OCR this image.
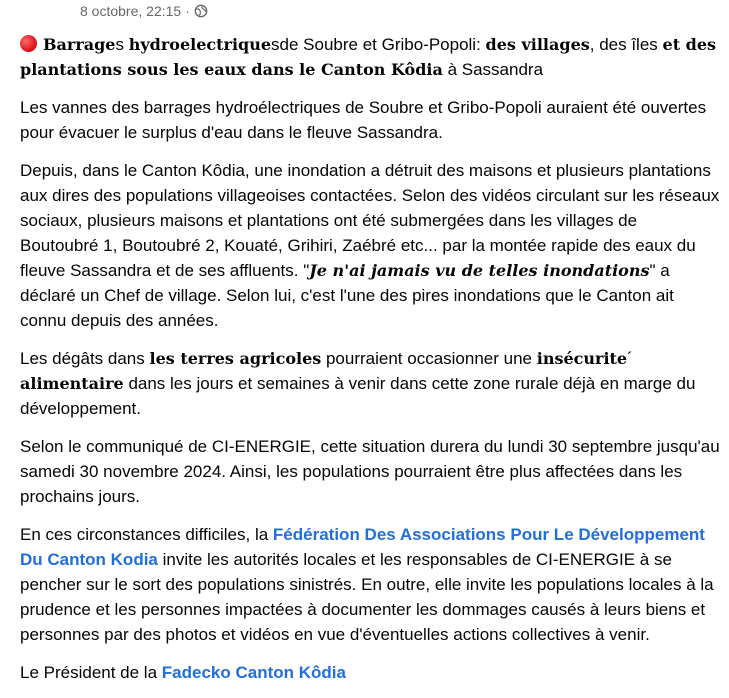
8 octobre, 22:15 ·

Barrages hydroelectriquesde Soubre et Gribo-Popoli: des villages, des îles et des plantations sous les eaux dans le Canton Kôdia à Sassandra

Les vannes des barrages hydroélectriques de Soubre et Gribo-Popoli auraient été ouvertes pour évacuer le surplus d'eau dans le fleuve Sassandra.

Depuis, dans le Canton Kôdia, une inondation a détruit des maisons et plusieurs plantations aux dires des populations villageoises contactées. Selon des vidéos circulant sur les réseaux sociaux, plusieurs maisons et plantations ont été submergées dans les villages de Boutoubré 1, Boutoubré 2, Kouaté, Grihiri, Zaébré etc... par la montée rapide des eaux du fleuve Sassandra et de ses affluents. "Je n'ai jamais vu de telles inondations" a déclaré un Chef de village. Selon lui, c'est l'une des pires inondations que le Canton ait connu depuis des années.

Les dégâts dans les terres agricoles pourraient occasionner une insécurite´ alimentaire dans les jours et semaines à venir dans cette zone rurale déjà en marge du développement.

Selon le communiqué de CI-ENERGIE, cette situation durera du lundi 30 septembre jusqu'au samedi 30 novembre 2024. Ainsi, les populations pourraient être plus affectées dans les prochains jours.

En ces circonstances difficiles, la Fédération Des Associations Pour Le Développement Du Canton Kodia invite les autorités locales et les responsables de CI-ENERGIE à se pencher sur le sort des populations sinistrés. En outre, elle invite les populations locales à la prudence et les personnes impactées à documenter les dommages causés à leurs biens et personnes par des photos et vidéos en vue d'éventuelles actions collectives à venir.

Le Président de la Fadecko Canton Kôdia
